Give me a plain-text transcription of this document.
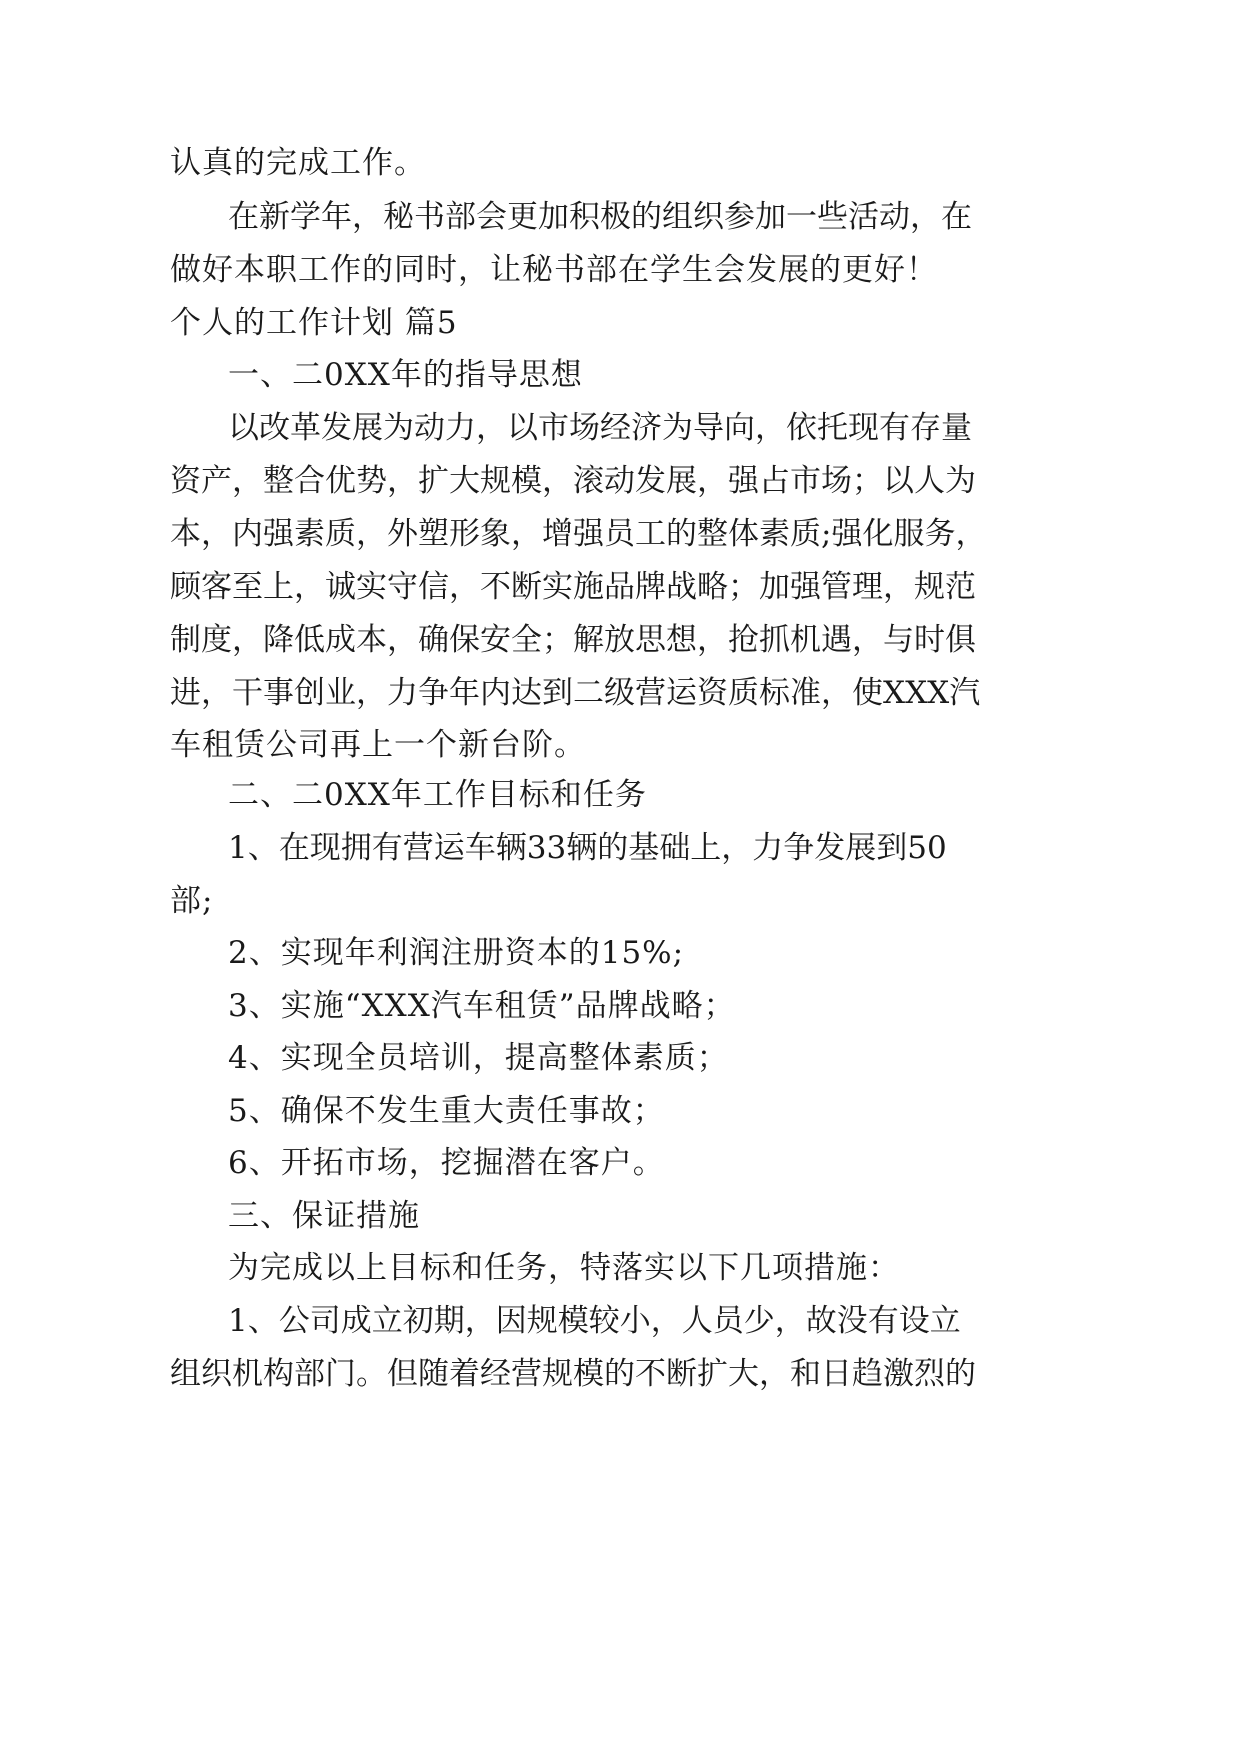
认真的完成工作。

在 新 学 年 ， 秘 书 部 会 更 加 积 极 的 组 织 参 加 一 些 活 动 ， 在

做好本职工作的同时，让秘书部在学生会发展的更好！

个人的工作计划 篇5

一、二0XX年的指导思想

以 改 革 发 展 为 动 力 ， 以 市 场 经 济 为 导 向 ， 依 托 现 有 存 量

资 产 ， 整 合 优 势 ， 扩 大 规 模 ， 滚 动 发 展 ， 强 占 市 场 ； 以 人 为

本 ， 内 强 素 质 ， 外 塑 形 象 ， 增 强 员 工 的 整 体 素 质 ; 强 化 服 务 ，

顾 客 至 上 ， 诚 实 守 信 ， 不 断 实 施 品 牌 战 略 ； 加 强 管 理 ， 规 范

制 度 ， 降 低 成 本 ， 确 保 安 全 ； 解 放 思 想 ， 抢 抓 机 遇 ， 与 时 俱

进 ， 干 事 创 业 ， 力 争 年 内 达 到 二 级 营 运 资 质 标 准 ， 使 X X X 汽

车租赁公司再上一个新台阶。

二、二0XX年工作目标和任务

1 、 在 现 拥 有 营 运 车 辆 3 3 辆 的 基 础 上 ， 力 争 发 展 到 5 0

部;

2、实现年利润注册资本的15%;

3、实施“XXX汽车租赁”品牌战略；

4、实现全员培训，提高整体素质；

5、确保不发生重大责任事故；

6、开拓市场，挖掘潜在客户。

三、保证措施

为完成以上目标和任务，特落实以下几项措施：

1 、 公 司 成 立 初 期 ， 因 规 模 较 小 ， 人 员 少 ， 故 没 有 设 立

组 织 机 构 部 门 。 但 随 着 经 营 规 模 的 不 断 扩 大 ， 和 日 趋 激 烈 的
